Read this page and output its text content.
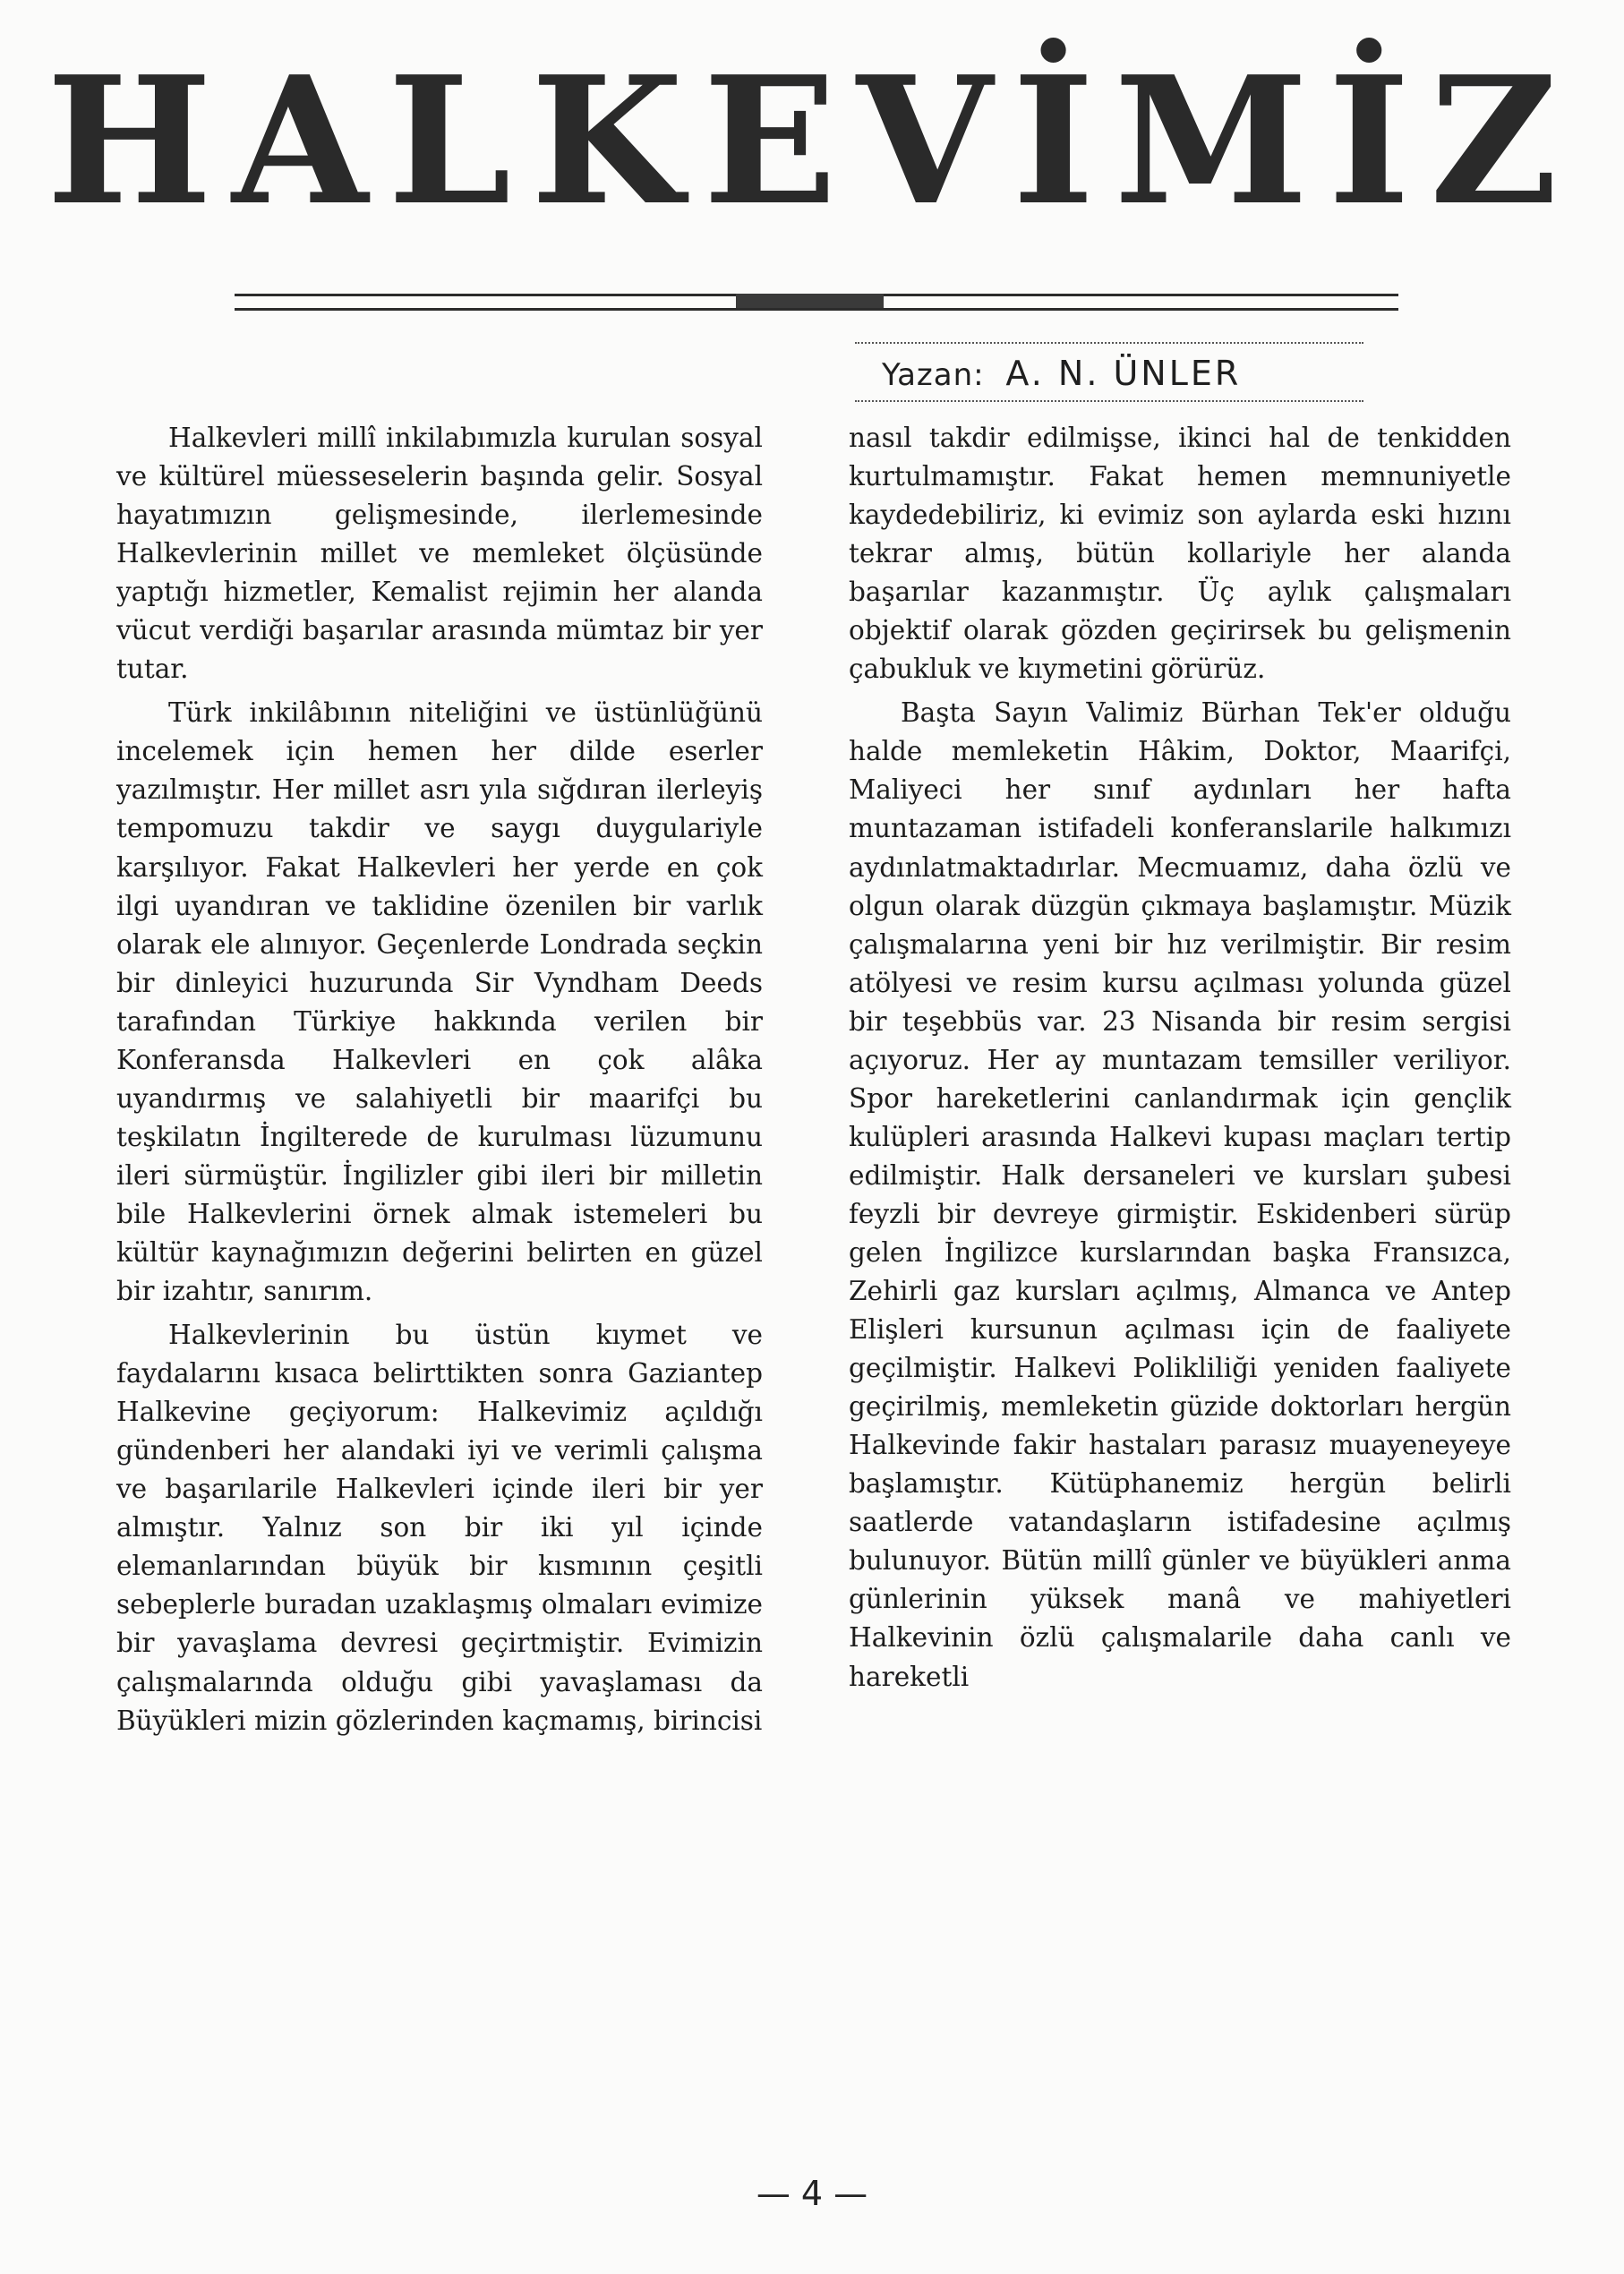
HALKEVİMİZ
Yazan: A. N. ÜNLER

Halkevleri millî inkilabımızla kurulan sosyal ve kültürel müesseselerin başında gelir. Sosyal hayatımızın gelişmesinde, ilerlemesinde Halkevlerinin millet ve memleket ölçüsünde yaptığı hizmetler, Kemalist rejimin her alanda vücut verdiği başarılar arasında mümtaz bir yer tutar.

Türk inkilâbının niteliğini ve üstünlüğünü incelemek için hemen her dilde eserler yazılmıştır. Her millet asrı yıla sığdıran ilerleyiş tempomuzu takdir ve saygı duygulariyle karşılıyor. Fakat Halkevleri her yerde en çok ilgi uyandıran ve taklidine özenilen bir varlık olarak ele alınıyor. Geçenlerde Londrada seçkin bir dinleyici huzurunda Sir Vyndham Deeds tarafından Türkiye hakkında verilen bir Konferansda Halkevleri en çok alâka uyandırmış ve salahiyetli bir maarifçi bu teşkilatın İngilterede de kurulması lüzumunu ileri sürmüştür. İngilizler gibi ileri bir milletin bile Halkevlerini örnek almak istemeleri bu kültür kaynağımızın değerini belirten en güzel bir izahtır, sanırım.

Halkevlerinin bu üstün kıymet ve faydalarını kısaca belirttikten sonra Gaziantep Halkevine geçiyorum: Halkevimiz açıldığı gündenberi her alandaki iyi ve verimli çalışma ve başarılarile Halkevleri içinde ileri bir yer almıştır. Yalnız son bir iki yıl içinde elemanlarından büyük bir kısmının çeşitli sebeplerle buradan uzaklaşmış olmaları evimize bir yavaşlama devresi geçirtmiştir. Evimizin çalışmalarında olduğu gibi yavaşlaması da Büyükleri mizin gözlerinden kaçmamış, birincisi

nasıl takdir edilmişse, ikinci hal de tenkidden kurtulmamıştır. Fakat hemen memnuniyetle kaydedebiliriz, ki evimiz son aylarda eski hızını tekrar almış, bütün kollariyle her alanda başarılar kazanmıştır. Üç aylık çalışmaları objektif olarak gözden geçirirsek bu gelişmenin çabukluk ve kıymetini görürüz.

Başta Sayın Valimiz Bürhan Tek'er olduğu halde memleketin Hâkim, Doktor, Maarifçi, Maliyeci her sınıf aydınları her hafta muntazaman istifadeli konferanslarile halkımızı aydınlatmaktadırlar. Mecmuamız, daha özlü ve olgun olarak düzgün çıkmaya başlamıştır. Müzik çalışmalarına yeni bir hız verilmiştir. Bir resim atölyesi ve resim kursu açılması yolunda güzel bir teşebbüs var. 23 Nisanda bir resim sergisi açıyoruz. Her ay muntazam temsiller veriliyor. Spor hareketlerini canlandırmak için gençlik kulüpleri arasında Halkevi kupası maçları tertip edilmiştir. Halk dersaneleri ve kursları şubesi feyzli bir devreye girmiştir. Eskidenberi sürüp gelen İngilizce kurslarından başka Fransızca, Zehirli gaz kursları açılmış, Almanca ve Antep Elişleri kursunun açılması için de faaliyete geçilmiştir. Halkevi Polikliliği yeniden faaliyete geçirilmiş, memleketin güzide doktorları hergün Halkevinde fakir hastaları parasız muayeneyeye başlamıştır. Kütüphanemiz hergün belirli saatlerde vatandaşların istifadesine açılmış bulunuyor. Bütün millî günler ve büyükleri anma günlerinin yüksek manâ ve mahiyetleri Halkevinin özlü çalışmalarile daha canlı ve hareketli

— 4 —
